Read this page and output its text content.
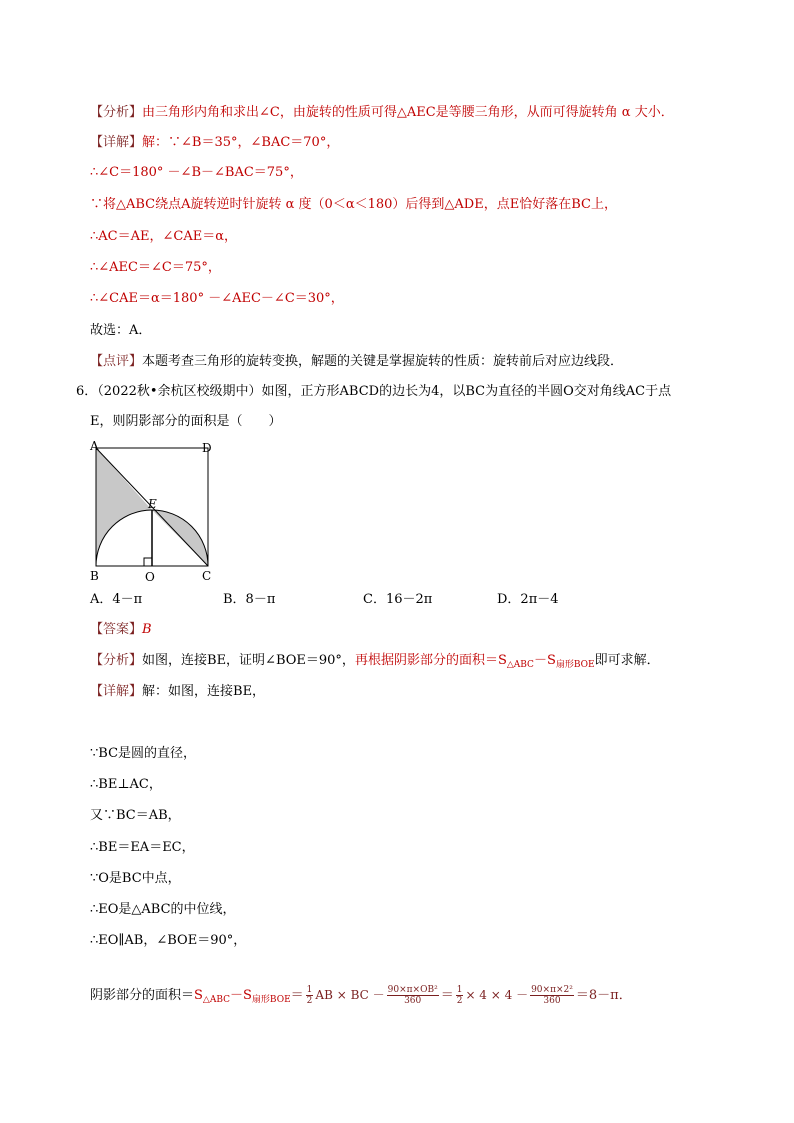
【分析】由三角形内角和求出∠C，由旋转的性质可得△AEC是等腰三角形，从而可得旋转角 α 大小．
【详解】解：∵∠B＝35°，∠BAC＝70°，
∴∠C＝180° －∠B－∠BAC＝75°，
∵将△ABC绕点A旋转逆时针旋转 α 度（0＜α＜180）后得到△ADE，点E恰好落在BC上，
∴AC＝AE，∠CAE＝α，
∴∠AEC＝∠C＝75°，
∴∠CAE＝α＝180° －∠AEC－∠C＝30°，
故选：A．
【点评】本题考查三角形的旋转变换，解题的关键是掌握旋转的性质：旋转前后对应边线段．
6．（2022秋•余杭区校级期中）如图，正方形ABCD的边长为4，以BC为直径的半圆O交对角线AC于点
E，则阴影部分的面积是（　　）
A	D
E
B	O	C
A．4－π	B．8－π	C．16－2π	D．2π－4
【答案】B
【分析】如图，连接BE，证明∠BOE＝90°，再根据阴影部分的面积$=S_{\triangle ABC}-S_{扇形BOE}$即可求解．
【详解】解：如图，连接BE，
∵BC是圆的直径，
∴BE⊥AC，
又∵BC＝AB，
∴BE＝EA＝EC，
∵O是BC中点，
∴EO是△ABC的中位线，
∴EO∥AB，∠BOE＝90°，
阴影部分的面积$=S_{\triangle ABC}-S_{扇形BOE}= \frac{1}{2}$ AB × BC － $\frac{\text{90×π×OB²}}{360} = \frac{1}{2} \times 4 \times 4 - \frac{\text{90×π×2²}}{360} =8-\pi$．
